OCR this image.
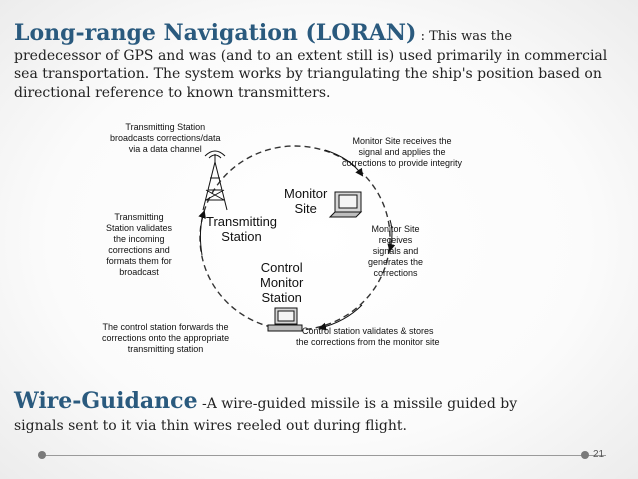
Long-range Navigation (LORAN) : This was the
predecessor of GPS and was (and to an extent still is) used primarily in commercial sea transportation. The system works by triangulating the ship's position based on directional reference to known transmitters.
Transmitting Station
broadcasts corrections/data
via a data channel
Monitor Site receives the
signal and applies the
corrections to provide integrity
Transmitting
Station validates
the incoming
corrections and
formats them for
broadcast
Monitor Site
receives
signals and
generates the
corrections
The control station forwards the
corrections onto the appropriate
transmitting station
Control station validates & stores
the corrections from the monitor site
Monitor
Site
Transmitting
Station
Control
Monitor
Station
Wire-Guidance -A wire-guided missile is a missile guided by
signals sent to it via thin wires reeled out during flight.
21
